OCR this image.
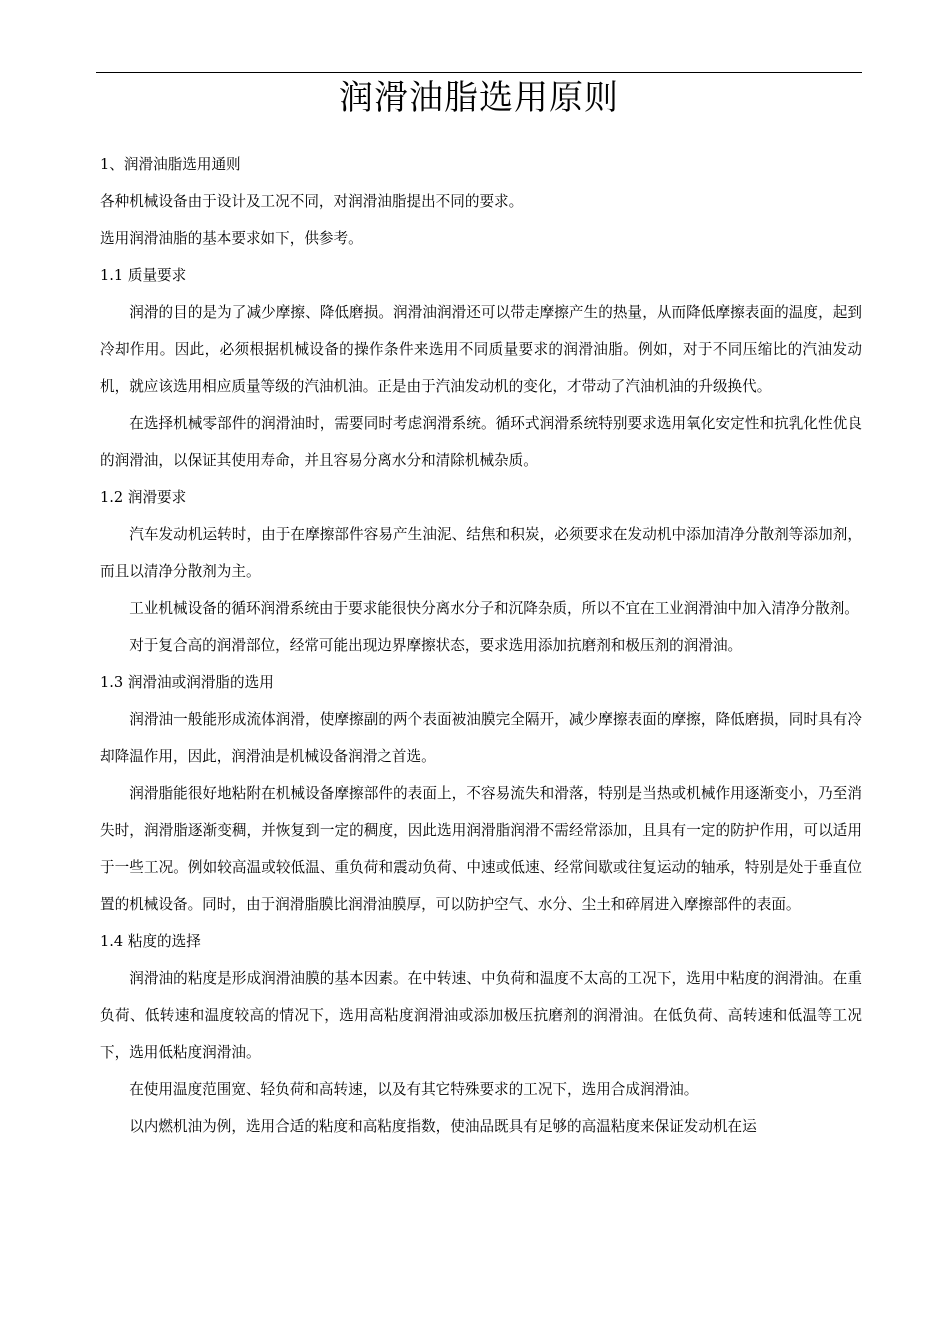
润滑油脂选用原则

1、润滑油脂选用通则

各种机械设备由于设计及工况不同，对润滑油脂提出不同的要求。

选用润滑油脂的基本要求如下，供参考。

1.1 质量要求

润滑的目的是为了减少摩擦、降低磨损。润滑油润滑还可以带走摩擦产生的热量，从而降低摩擦表面的温度，起到冷却作用。因此，必须根据机械设备的操作条件来选用不同质量要求的润滑油脂。例如，对于不同压缩比的汽油发动机，就应该选用相应质量等级的汽油机油。正是由于汽油发动机的变化，才带动了汽油机油的升级换代。

在选择机械零部件的润滑油时，需要同时考虑润滑系统。循环式润滑系统特别要求选用氧化安定性和抗乳化性优良的润滑油，以保证其使用寿命，并且容易分离水分和清除机械杂质。

1.2 润滑要求

汽车发动机运转时，由于在摩擦部件容易产生油泥、结焦和积炭，必须要求在发动机中添加清净分散剂等添加剂，而且以清净分散剂为主。

工业机械设备的循环润滑系统由于要求能很快分离水分子和沉降杂质，所以不宜在工业润滑油中加入清净分散剂。

对于复合高的润滑部位，经常可能出现边界摩擦状态，要求选用添加抗磨剂和极压剂的润滑油。

1.3 润滑油或润滑脂的选用

润滑油一般能形成流体润滑，使摩擦副的两个表面被油膜完全隔开，减少摩擦表面的摩擦，降低磨损，同时具有冷却降温作用，因此，润滑油是机械设备润滑之首选。

润滑脂能很好地粘附在机械设备摩擦部件的表面上，不容易流失和滑落，特别是当热或机械作用逐渐变小，乃至消失时，润滑脂逐渐变稠，并恢复到一定的稠度，因此选用润滑脂润滑不需经常添加，且具有一定的防护作用，可以适用于一些工况。例如较高温或较低温、重负荷和震动负荷、中速或低速、经常间歇或往复运动的轴承，特别是处于垂直位置的机械设备。同时，由于润滑脂膜比润滑油膜厚，可以防护空气、水分、尘土和碎屑进入摩擦部件的表面。

1.4 粘度的选择

润滑油的粘度是形成润滑油膜的基本因素。在中转速、中负荷和温度不太高的工况下，选用中粘度的润滑油。在重负荷、低转速和温度较高的情况下，选用高粘度润滑油或添加极压抗磨剂的润滑油。在低负荷、高转速和低温等工况下，选用低粘度润滑油。

在使用温度范围宽、轻负荷和高转速，以及有其它特殊要求的工况下，选用合成润滑油。

以内燃机油为例，选用合适的粘度和高粘度指数，使油品既具有足够的高温粘度来保证发动机在运
